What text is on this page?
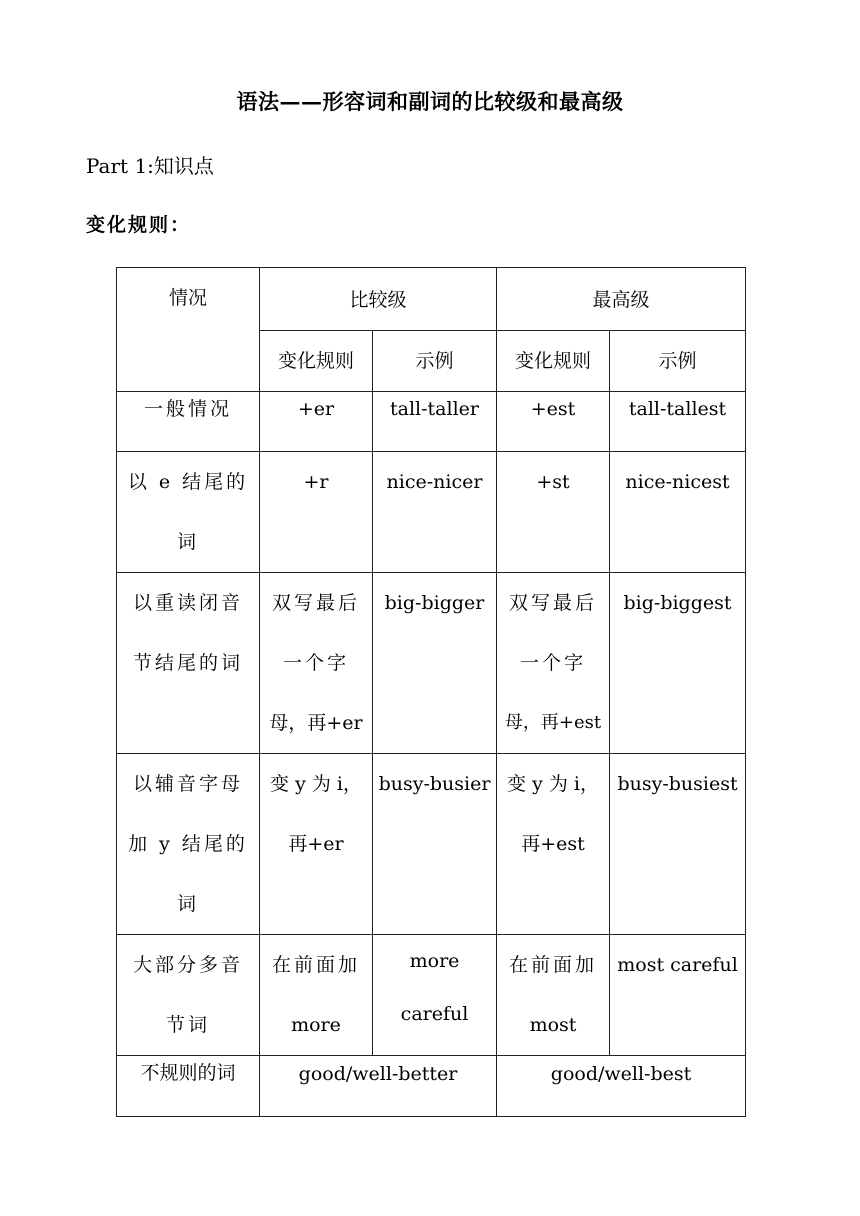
语法——形容词和副词的比较级和最高级
Part 1:知识点
变化规则：
情况	比较级		最高级	
	变化规则	示例	变化规则	示例

一般情况	+er	tall-taller	+est	tall-tallest

以 e 结尾的
词	+r	nice-nicer	+st	nice-nicest

以重读闭音
节结尾的词	双写最后
一个字
母，再+er	big-bigger	双写最后
一个字
母，再+est	big-biggest

以辅音字母
加 y 结尾的
词	变 y 为 i，
再+er	busy-busier	变 y 为 i，
再+est	busy-busiest

大部分多音
节词	在前面加
more	more
careful	在前面加
most	most careful

不规则的词	good/well-better		good/well-best	
